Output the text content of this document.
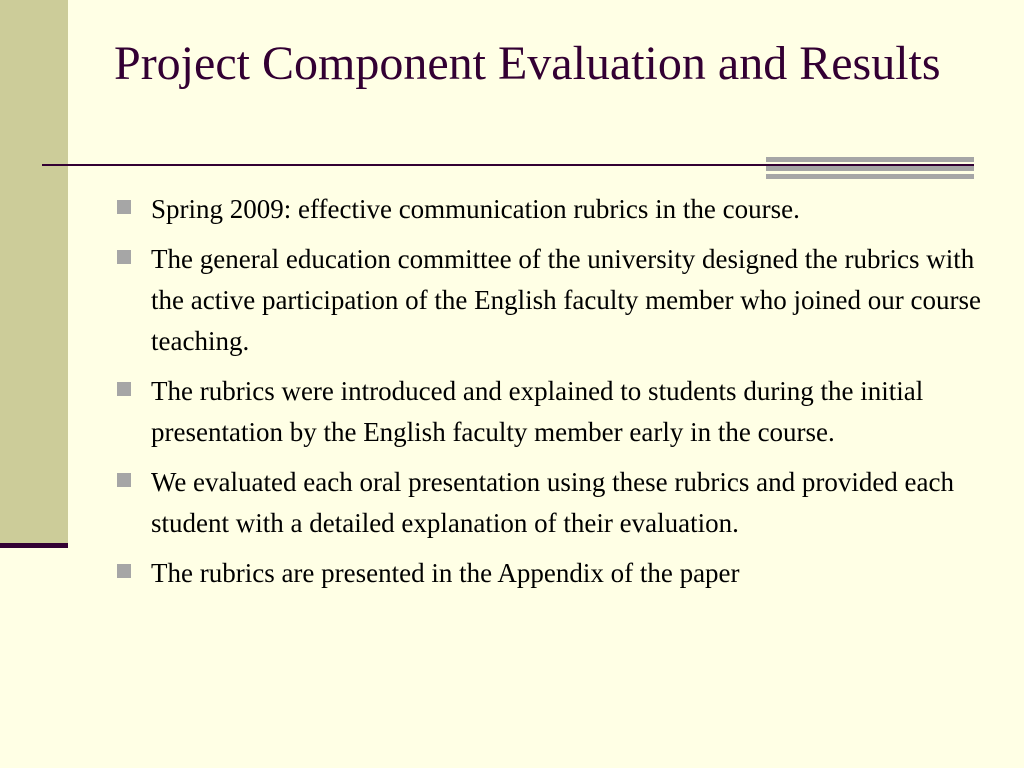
Project Component Evaluation and Results
Spring 2009: effective communication rubrics in the course.
The general education committee of the university designed the rubrics with the active participation of the English faculty member who joined our course teaching.
The rubrics were introduced and explained to students during the initial presentation by the English faculty member early in the course.
We evaluated each oral presentation using these rubrics and provided each student with a detailed explanation of their evaluation.
The rubrics are presented in the Appendix of the paper
